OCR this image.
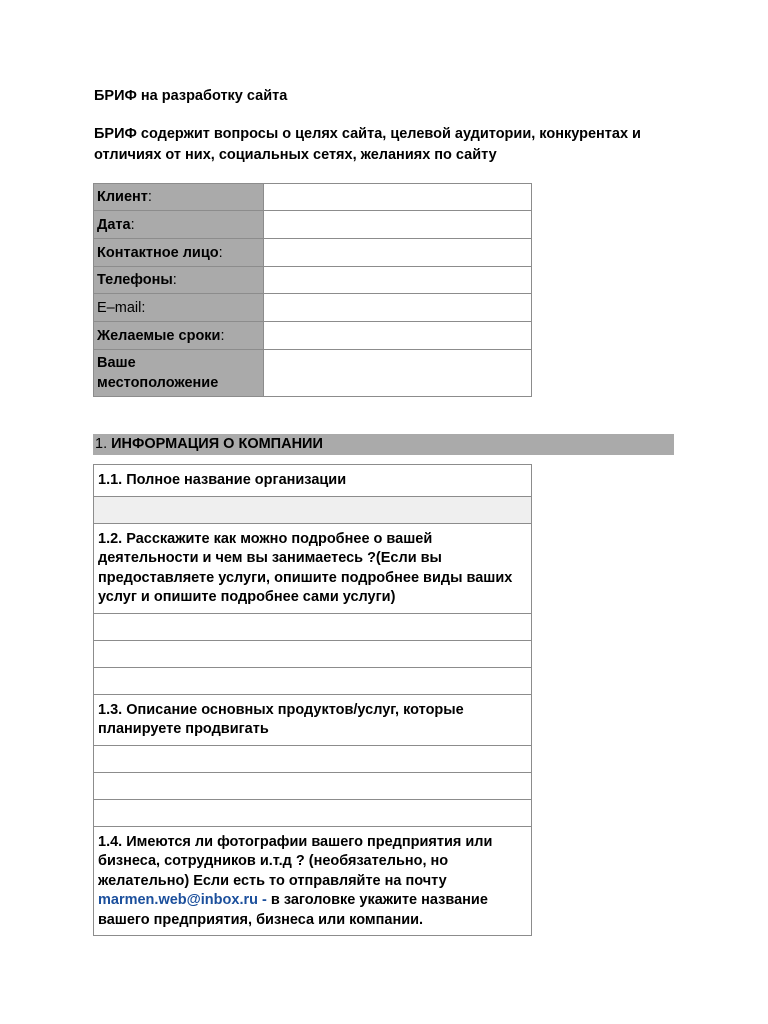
БРИФ на разработку сайта
БРИФ содержит вопросы о целях сайта, целевой аудитории, конкурентах и отличиях от них, социальных сетях, желаниях по сайту
Клиент:	
Дата:	
Контактное лицо:	
Телефоны:	
E–mail:	
Желаемые сроки:	
Ваше местоположение	
1. ИНФОРМАЦИЯ О КОМПАНИИ
1.1. Полное название организации

1.2. Расскажите как можно подробнее о вашей деятельности и чем вы занимаетесь ?(Если вы предоставляете услуги, опишите подробнее виды ваших услуг и опишите подробнее сами услуги)

1.3. Описание основных продуктов/услуг, которые планируете продвигать

1.4. Имеются ли фотографии вашего предприятия или бизнеса, сотрудников и.т.д ? (необязательно, но желательно) Если есть то отправляйте на почту marmen.web@inbox.ru - в заголовке укажите название вашего предприятия, бизнеса или компании.
